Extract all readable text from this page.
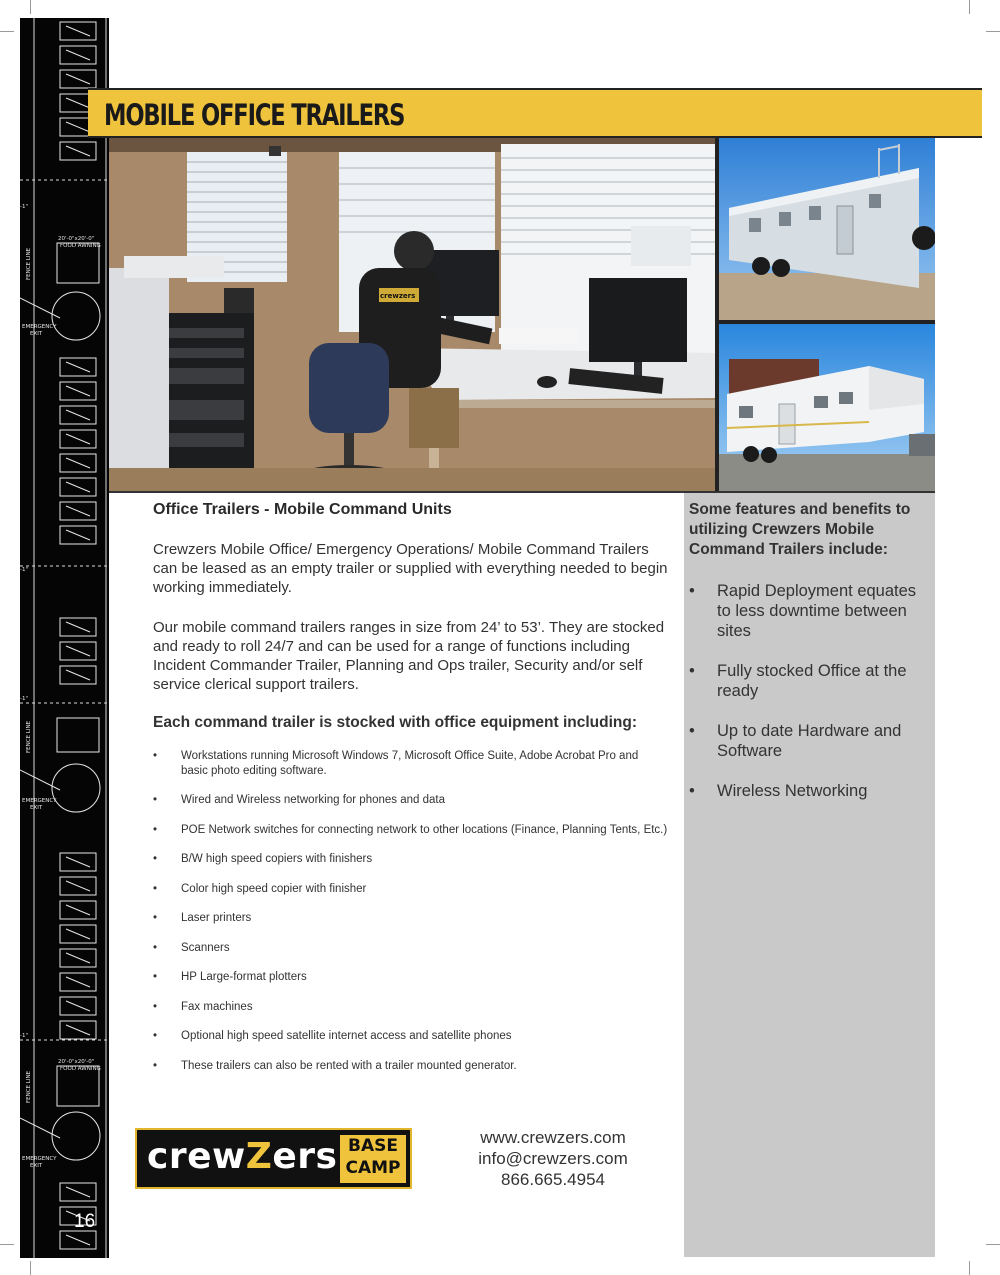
20'-0"x20'-0"
FOOD AWNING
20'-0"x20'-0"
FOOD AWNING
EMERGENCY
EXIT
EMERGENCY
EXIT
EMERGENCY
EXIT
-1"
-1"
-1"
-1"
FENCE LINE
FENCE LINE
FENCE LINE
16
MOBILE OFFICE TRAILERS
crewzers
Office Trailers - Mobile Command Units

Crewzers Mobile Office/ Emergency Operations/ Mobile Command Trailers can be leased as an empty trailer or supplied with everything needed to begin working immediately.

Our mobile command trailers ranges in size from 24’ to 53’. They are stocked and ready to roll 24/7 and can be used for a range of functions including Incident Commander Trailer, Planning and Ops trailer, Security and/or self service clerical support trailers.

Each command trailer is stocked with office equipment including:
• Workstations running Microsoft Windows 7, Microsoft Office Suite, Adobe Acrobat Pro and basic photo editing software.
• Wired and Wireless networking for phones and data
• POE Network switches for connecting network to other locations (Finance, Planning Tents, Etc.)
• B/W high speed copiers with finishers
• Color high speed copier with finisher
• Laser printers
• Scanners
• HP Large-format plotters
• Fax machines
• Optional high speed satellite internet access and satellite phones
• These trailers can also be rented with a trailer mounted generator.
Some features and benefits to utilizing Crewzers Mobile Command Trailers include:
• Rapid Deployment equates to less downtime between sites
• Fully stocked Office at the ready
• Up to date Hardware and Software
• Wireless Networking
crewZers BASE
CAMP
www.crewzers.com
info@crewzers.com
866.665.4954
